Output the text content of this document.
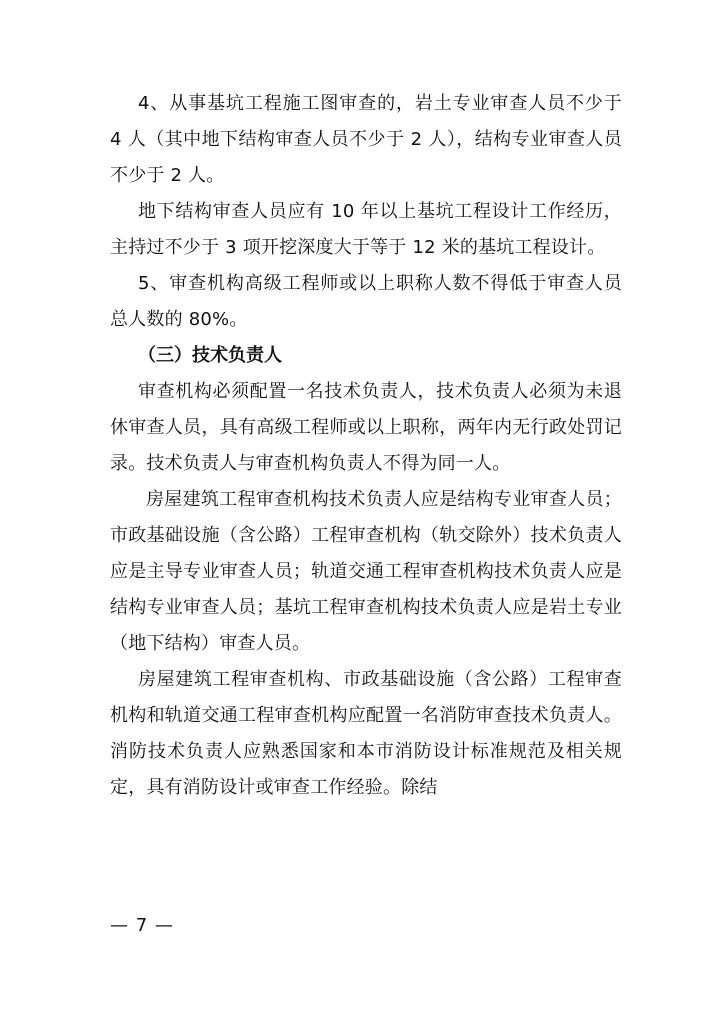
4、从事基坑工程施工图审查的，岩土专业审查人员不少于 4 人（其中地下结构审查人员不少于 2 人），结构专业审查人员不少于 2 人。

地下结构审查人员应有 10 年以上基坑工程设计工作经历，主持过不少于 3 项开挖深度大于等于 12 米的基坑工程设计。

5、审查机构高级工程师或以上职称人数不得低于审查人员总人数的 80%。

（三）技术负责人

审查机构必须配置一名技术负责人，技术负责人必须为未退休审查人员，具有高级工程师或以上职称，两年内无行政处罚记录。技术负责人与审查机构负责人不得为同一人。

房屋建筑工程审查机构技术负责人应是结构专业审查人员；市政基础设施（含公路）工程审查机构（轨交除外）技术负责人应是主导专业审查人员；轨道交通工程审查机构技术负责人应是结构专业审查人员；基坑工程审查机构技术负责人应是岩土专业（地下结构）审查人员。

房屋建筑工程审查机构、市政基础设施（含公路）工程审查机构和轨道交通工程审查机构应配置一名消防审查技术负责人。消防技术负责人应熟悉国家和本市消防设计标准规范及相关规定，具有消防设计或审查工作经验。除结

— 7 —
